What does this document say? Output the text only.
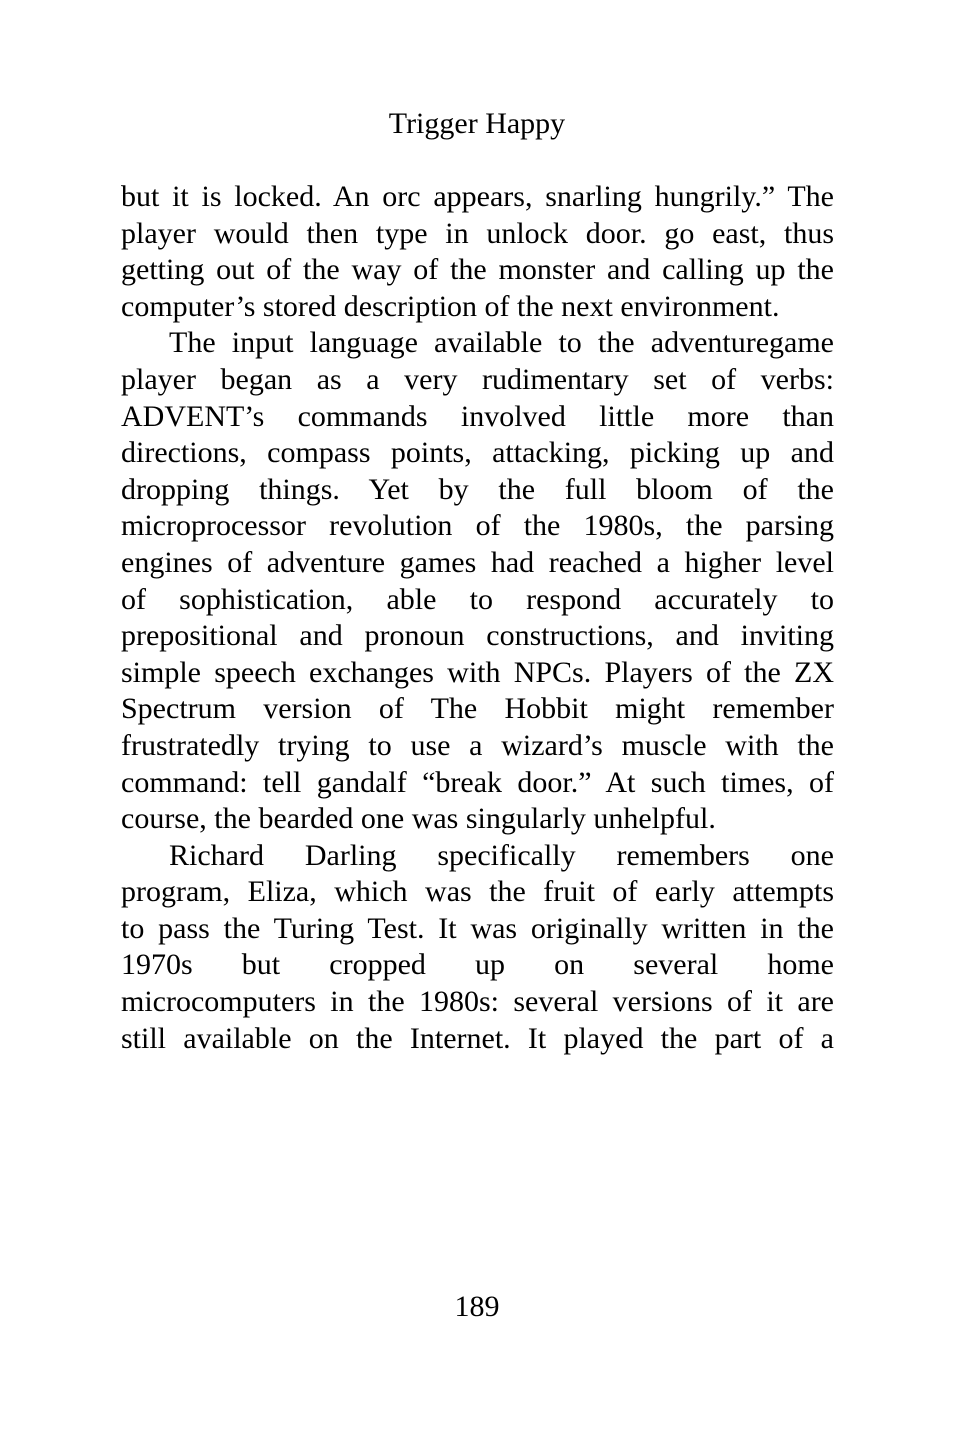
Trigger Happy

but it is locked. An orc appears, snarling hungrily.” The
player would then type in unlock door. go east, thus
getting out of the way of the monster and calling up the
computer’s stored description of the next environment.

The input language available to the adventuregame
player began as a very rudimentary set of verbs:
ADVENT’s commands involved little more than
directions, compass points, attacking, picking up and
dropping things. Yet by the full bloom of the
microprocessor revolution of the 1980s, the parsing
engines of adventure games had reached a higher level
of sophistication, able to respond accurately to
prepositional and pronoun constructions, and inviting
simple speech exchanges with NPCs. Players of the ZX
Spectrum version of The Hobbit might remember
frustratedly trying to use a wizard’s muscle with the
command: tell gandalf “break door.” At such times, of
course, the bearded one was singularly unhelpful.

Richard Darling specifically remembers one
program, Eliza, which was the fruit of early attempts
to pass the Turing Test. It was originally written in the
1970s but cropped up on several home
microcomputers in the 1980s: several versions of it are
still available on the Internet. It played the part of a

189
